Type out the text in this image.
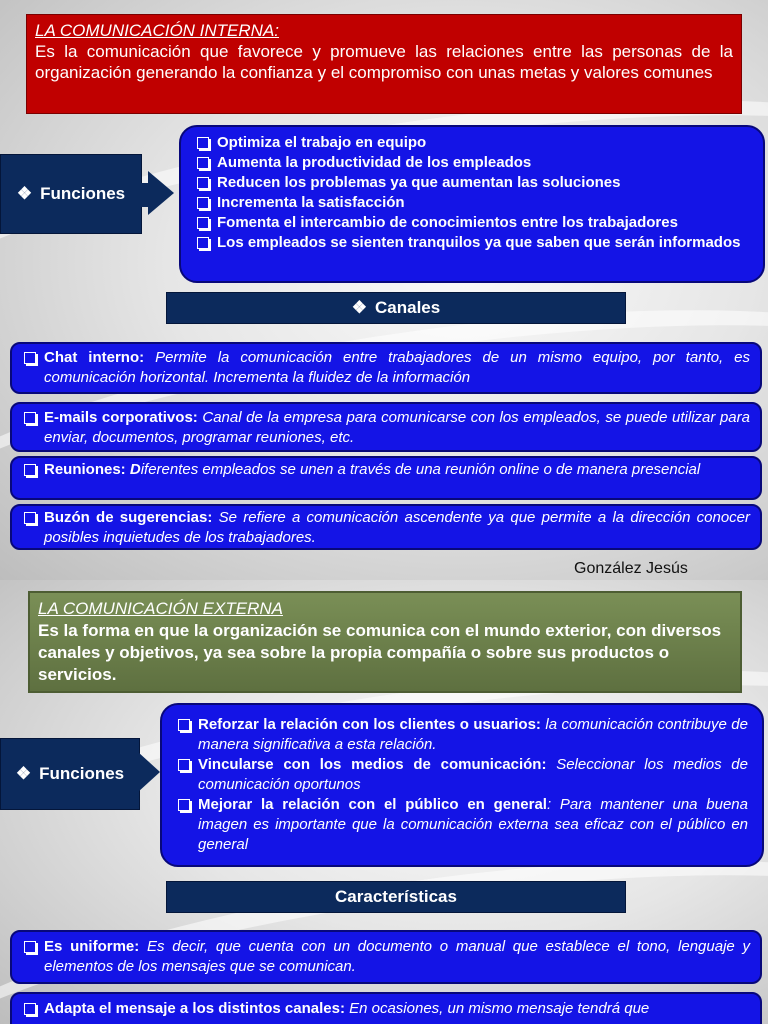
LA COMUNICACIÓN INTERNA:
Es la comunicación que favorece y promueve las relaciones entre las personas de la organización generando la confianza y el compromiso con unas metas y valores comunes
❖ Funciones
Optimiza el trabajo en equipo
Aumenta la productividad de los empleados
Reducen los problemas ya que aumentan las soluciones
Incrementa la satisfacción
Fomenta el intercambio de conocimientos entre los trabajadores
Los empleados se sienten tranquilos ya que saben que serán informados
❖ Canales
Chat interno: Permite la comunicación entre trabajadores de un mismo equipo, por tanto, es comunicación horizontal. Incrementa la fluidez de la información
E-mails corporativos: Canal de la empresa para comunicarse con los empleados, se puede utilizar para enviar, documentos, programar reuniones, etc.
Reuniones: Diferentes empleados se unen a través de una reunión online o de manera presencial
Buzón de sugerencias: Se refiere a comunicación ascendente ya que permite a la dirección conocer posibles inquietudes de los trabajadores.
González Jesús
LA COMUNICACIÓN EXTERNA
Es la forma en que la organización se comunica con el mundo exterior, con diversos canales y objetivos, ya sea sobre la propia compañía o sobre sus productos o servicios.
❖ Funciones
Reforzar la relación con los clientes o usuarios: la comunicación contribuye de manera significativa a esta relación.
Vincularse con los medios de comunicación: Seleccionar los medios de comunicación oportunos
Mejorar la relación con el público en general: Para mantener una buena imagen es importante que la comunicación externa sea eficaz con el público en general
Características
Es uniforme: Es decir, que cuenta con un documento o manual que establece el tono, lenguaje y elementos de los mensajes que se comunican.
Adapta el mensaje a los distintos canales: En ocasiones, un mismo mensaje tendrá que
